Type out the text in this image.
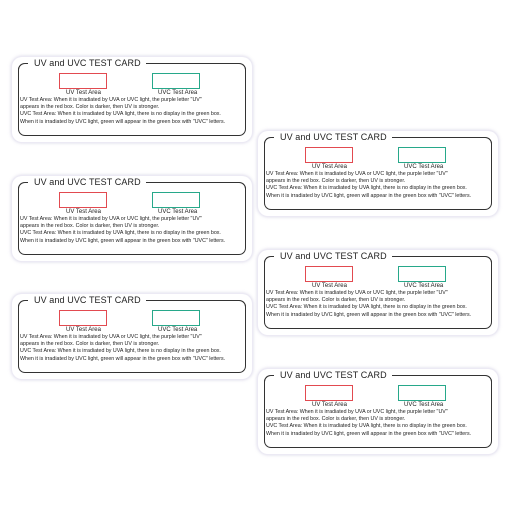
UV and UVC TEST CARD
UV Test Area	UVC Test Area
UV Test Area: When it is irradiated by UVA or UVC light, the purple letter "UV"
appears in the red box. Color is darker, then UV is stronger.
UVC Test Area: When it is irradiated by UVA light, there is no display in the green box.
When it is irradiated by UVC light, green will appear in the green box with "UVC" letters.
UV and UVC TEST CARD
UV Test Area	UVC Test Area
UV Test Area: When it is irradiated by UVA or UVC light, the purple letter "UV"
appears in the red box. Color is darker, then UV is stronger.
UVC Test Area: When it is irradiated by UVA light, there is no display in the green box.
When it is irradiated by UVC light, green will appear in the green box with "UVC" letters.
UV and UVC TEST CARD
UV Test Area	UVC Test Area
UV Test Area: When it is irradiated by UVA or UVC light, the purple letter "UV"
appears in the red box. Color is darker, then UV is stronger.
UVC Test Area: When it is irradiated by UVA light, there is no display in the green box.
When it is irradiated by UVC light, green will appear in the green box with "UVC" letters.
UV and UVC TEST CARD
UV Test Area	UVC Test Area
UV Test Area: When it is irradiated by UVA or UVC light, the purple letter "UV"
appears in the red box. Color is darker, then UV is stronger.
UVC Test Area: When it is irradiated by UVA light, there is no display in the green box.
When it is irradiated by UVC light, green will appear in the green box with "UVC" letters.
UV and UVC TEST CARD
UV Test Area	UVC Test Area
UV Test Area: When it is irradiated by UVA or UVC light, the purple letter "UV"
appears in the red box. Color is darker, then UV is stronger.
UVC Test Area: When it is irradiated by UVA light, there is no display in the green box.
When it is irradiated by UVC light, green will appear in the green box with "UVC" letters.
UV and UVC TEST CARD
UV Test Area	UVC Test Area
UV Test Area: When it is irradiated by UVA or UVC light, the purple letter "UV"
appears in the red box. Color is darker, then UV is stronger.
UVC Test Area: When it is irradiated by UVA light, there is no display in the green box.
When it is irradiated by UVC light, green will appear in the green box with "UVC" letters.
